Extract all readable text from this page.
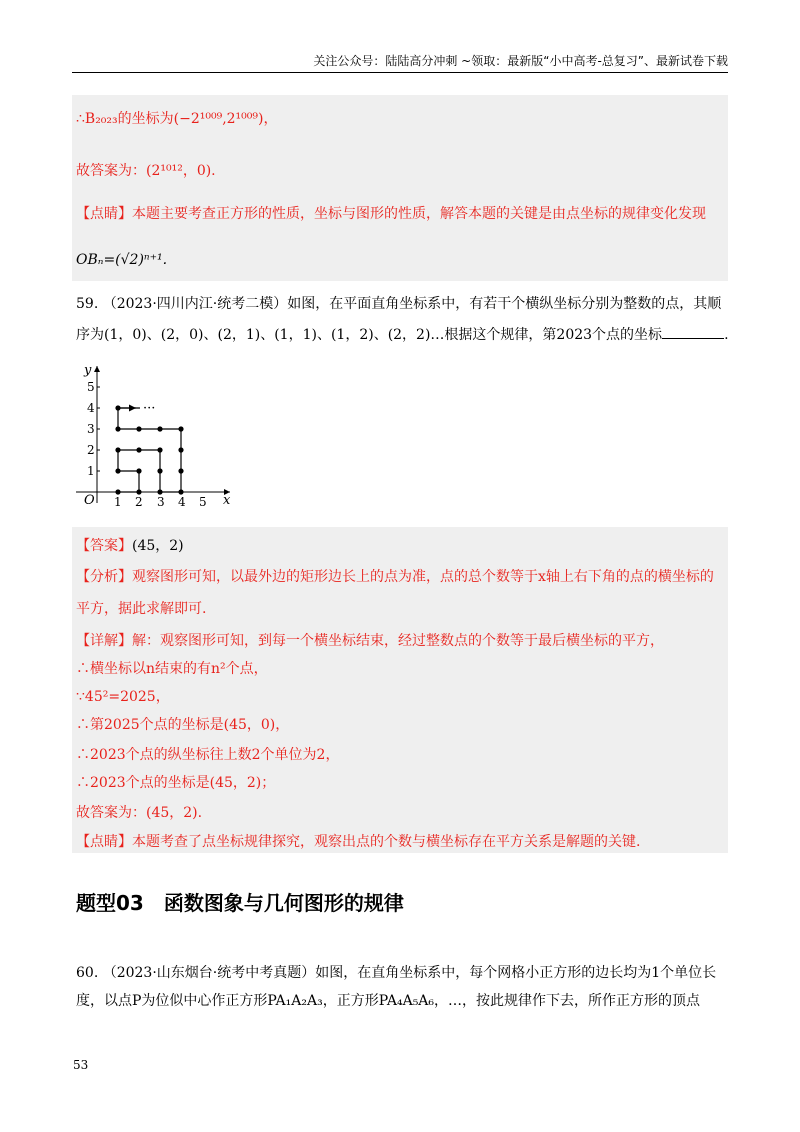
关注公众号：陆陆高分冲刺 ~领取：最新版“小中高考-总复习”、最新试卷下载
∴B₂₀₂₃的坐标为(−2¹⁰⁰⁹,2¹⁰⁰⁹)，
故答案为：(2¹⁰¹²，0).
【点睛】本题主要考查正方形的性质，坐标与图形的性质，解答本题的关键是由点坐标的规律变化发现
OBₙ=(√2)ⁿ⁺¹.
59. （2023·四川内江·统考二模）如图，在平面直角坐标系中，有若干个横纵坐标分别为整数的点，其顺
序为(1，0)、(2，0)、(2，1)、(1，1)、(1，2)、(2，2)…根据这个规律，第2023个点的坐标	.
y
x
O 1 2 3 4 5
1
2
3
4
5
···
【答案】(45，2)
【分析】观察图形可知，以最外边的矩形边长上的点为准，点的总个数等于x轴上右下角的点的横坐标的
平方，据此求解即可.
【详解】解：观察图形可知，到每一个横坐标结束，经过整数点的个数等于最后横坐标的平方，
∴横坐标以n结束的有n²个点，
∵45²=2025，
∴第2025个点的坐标是(45，0)，
∴2023个点的纵坐标往上数2个单位为2，
∴2023个点的坐标是(45，2)；
故答案为：(45，2).
【点睛】本题考查了点坐标规律探究，观察出点的个数与横坐标存在平方关系是解题的关键.
题型03　函数图象与几何图形的规律
60. （2023·山东烟台·统考中考真题）如图，在直角坐标系中，每个网格小正方形的边长均为1个单位长
度，以点P为位似中心作正方形PA₁A₂A₃，正方形PA₄A₅A₆，…，按此规律作下去，所作正方形的顶点
53
